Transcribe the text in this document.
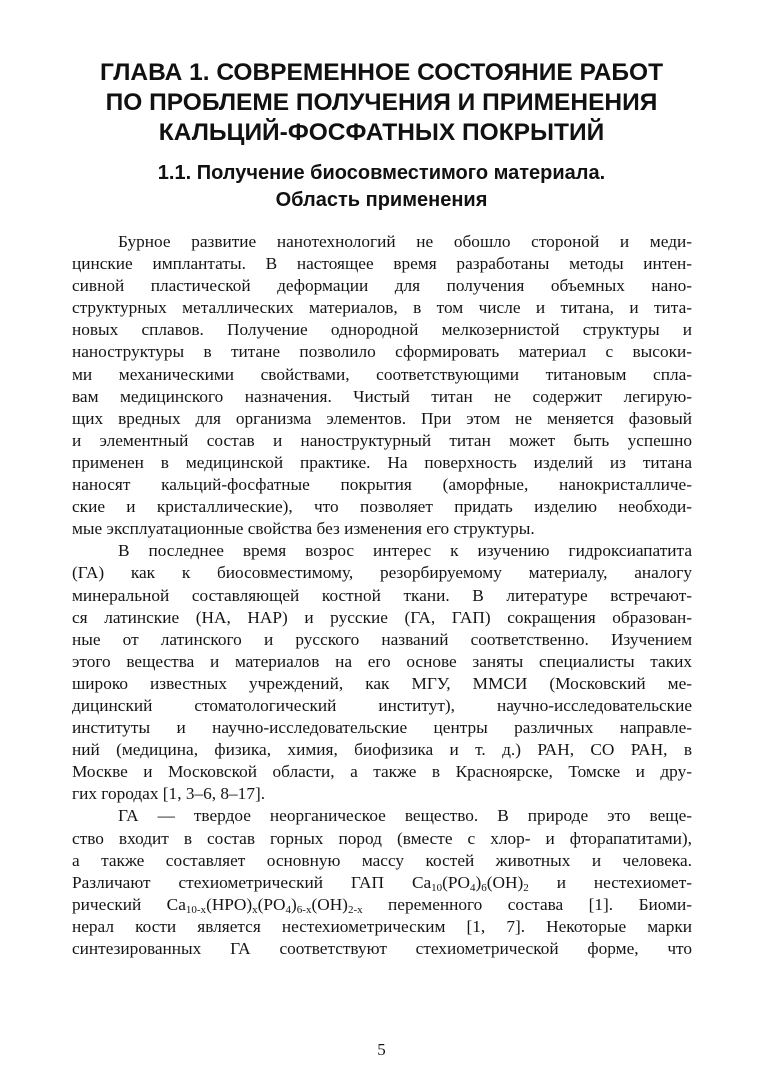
ГЛАВА 1. СОВРЕМЕННОЕ СОСТОЯНИЕ РАБОТ
ПО ПРОБЛЕМЕ ПОЛУЧЕНИЯ И ПРИМЕНЕНИЯ
КАЛЬЦИЙ-ФОСФАТНЫХ ПОКРЫТИЙ
1.1. Получение биосовместимого материала.
Область применения
Бурное развитие нанотехнологий не обошло стороной и меди-
цинские имплантаты. В настоящее время разработаны методы интен-
сивной пластической деформации для получения объемных нано-
структурных металлических материалов, в том числе и титана, и тита-
новых сплавов. Получение однородной мелкозернистой структуры и
наноструктуры в титане позволило сформировать материал с высоки-
ми механическими свойствами, соответствующими титановым спла-
вам медицинского назначения. Чистый титан не содержит легирую-
щих вредных для организма элементов. При этом не меняется фазовый
и элементный состав и наноструктурный титан может быть успешно
применен в медицинской практике. На поверхность изделий из титана
наносят кальций-фосфатные покрытия (аморфные, нанокристалличе-
ские и кристаллические), что позволяет придать изделию необходи-
мые эксплуатационные свойства без изменения его структуры.
В последнее время возрос интерес к изучению гидроксиапатита
(ГА) как к биосовместимому, резорбируемому материалу, аналогу
минеральной составляющей костной ткани. В литературе встречают-
ся латинские (НА, НАР) и русские (ГА, ГАП) сокращения образован-
ные от латинского и русского названий соответственно. Изучением
этого вещества и материалов на его основе заняты специалисты таких
широко известных учреждений, как МГУ, ММСИ (Московский ме-
дицинский стоматологический институт), научно-исследовательские
институты и научно-исследовательские центры различных направле-
ний (медицина, физика, химия, биофизика и т. д.) РАН, СО РАН, в
Москве и Московской области, а также в Красноярске, Томске и дру-
гих городах [1, 3–6, 8–17].
ГА — твердое неорганическое вещество. В природе это веще-
ство входит в состав горных пород (вместе с хлор- и фторапатитами),
а также составляет основную массу костей животных и человека.
Различают стехиометрический ГАП $Ca_{10}(PO_4)_6(OH)_2$ и нестехиомет-
рический $Ca_{10-x}(HPO)_x(PO_4)_{6-x}(OH)_{2-x}$ переменного состава [1]. Биоми-
нерал кости является нестехиометрическим [1, 7]. Некоторые марки
синтезированных ГА соответствуют стехиометрической форме, что
5
